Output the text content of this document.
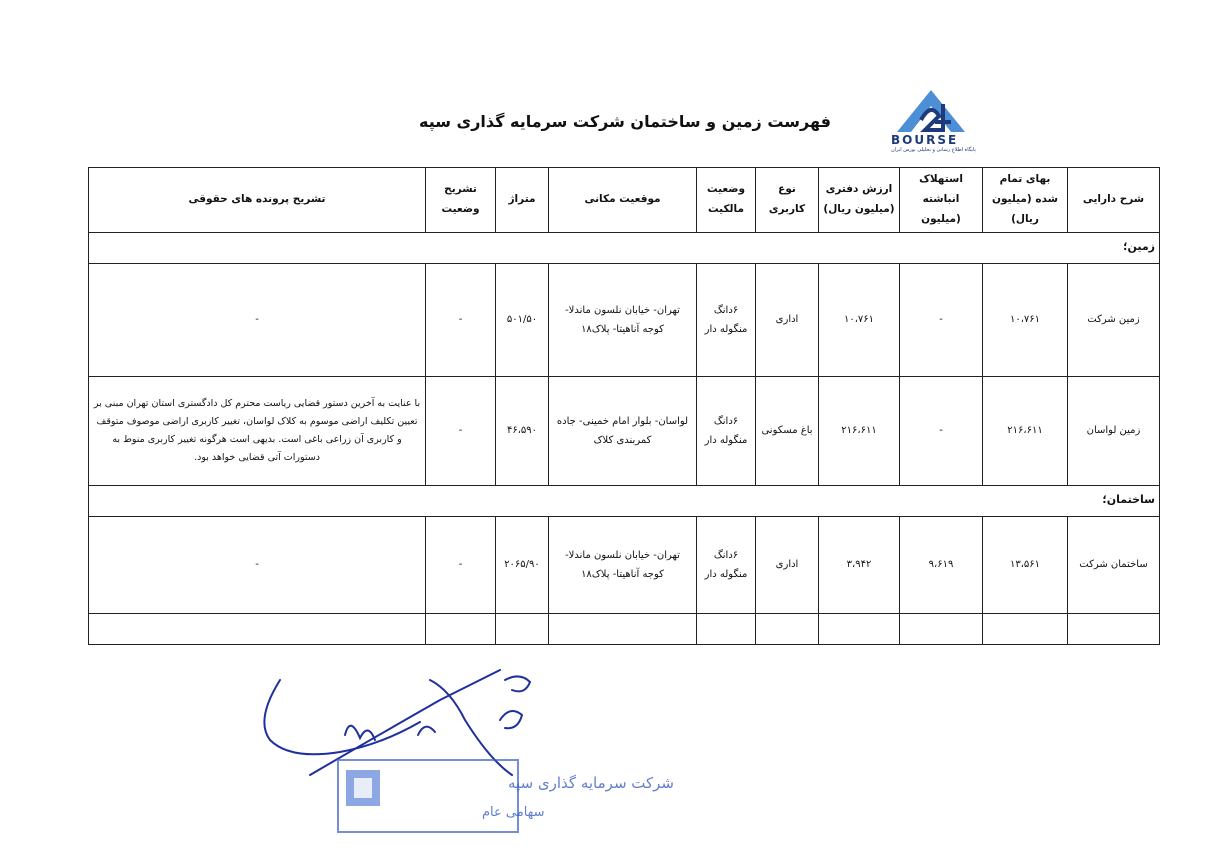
فهرست زمین و ساختمان شرکت سرمایه گذاری سپه
BOURSE
پایگاه اطلاع رسانی و تحلیلی بورس ایران
شرح دارایی	بهای تمام شده (میلیون ریال)	استهلاک انباشته (میلیون	ارزش دفتری (میلیون ریال)	نوع کاربری	وضعیت مالکیت	موقعیت مکانی	متراژ	تشریح وضعیت	تشریح پرونده های حقوقی
زمین؛									
زمین شرکت	۱۰،۷۶۱	-	۱۰،۷۶۱	اداری	۶دانگ منگوله دار	تهران- خیابان نلسون ماندلا- کوجه آناهیتا- پلاک۱۸	۵۰۱/۵۰	-	-
زمین لواسان	۲۱۶،۶۱۱	-	۲۱۶،۶۱۱	باغ مسکونی	۶دانگ منگوله دار	لواسان- بلوار امام خمینی- جاده کمربندی کلاک	۴۶،۵۹۰	-	با عنایت به آخرین دستور قضایی ریاست محترم کل دادگستری استان تهران مبنی بر تعیین تکلیف اراضی موسوم به کلاک لواسان، تغییر کاربری اراضی موصوف متوقف و کاربری آن زراعی باغی است. بدیهی است هرگونه تغییر کاربری منوط به دستورات آتی قضایی خواهد بود.
ساختمان؛									
ساختمان شرکت	۱۳،۵۶۱	۹،۶۱۹	۳،۹۴۲	اداری	۶دانگ منگوله دار	تهران- خیابان نلسون ماندلا- کوجه آناهیتا- پلاک۱۸	۲۰۶۵/۹۰	-	-

شرکت سرمایه گذاری سپه
سهامی عام
